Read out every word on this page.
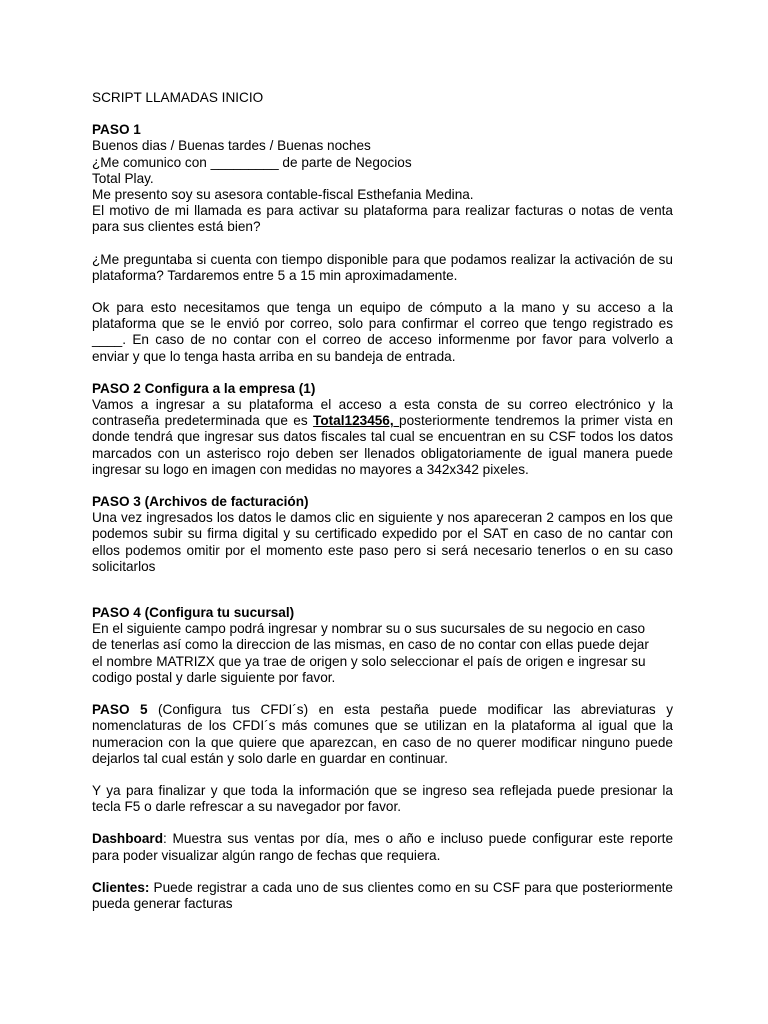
SCRIPT LLAMADAS INICIO
PASO 1
Buenos dias / Buenas tardes / Buenas noches
¿Me comunico con _________ de parte de Negocios
Total Play.
Me presento soy su asesora contable-fiscal Esthefania Medina.
El motivo de mi llamada es para activar su plataforma para realizar facturas o notas de venta para sus clientes está bien?
¿Me preguntaba si cuenta con tiempo disponible para que podamos realizar la activación de su plataforma? Tardaremos entre 5 a 15 min aproximadamente.
Ok para esto necesitamos que tenga un equipo de cómputo a la mano y su acceso a la plataforma que se le envió por correo, solo para confirmar el correo que tengo registrado es ____. En caso de no contar con el correo de acceso informenme por favor para volverlo a enviar y que lo tenga hasta arriba en su bandeja de entrada.
PASO 2 Configura a la empresa (1)
Vamos a ingresar a su plataforma el acceso a esta consta de su correo electrónico y la contraseña predeterminada que es Total123456, posteriormente tendremos la primer vista en donde tendrá que ingresar sus datos fiscales tal cual se encuentran en su CSF todos los datos marcados con un asterisco rojo deben ser llenados obligatoriamente de igual manera puede ingresar su logo en imagen con medidas no mayores a 342x342 pixeles.
PASO 3 (Archivos de facturación)
Una vez ingresados los datos le damos clic en siguiente y nos apareceran 2 campos en los que podemos subir su firma digital y su certificado expedido por el SAT en caso de no cantar con ellos podemos omitir por el momento este paso pero si será necesario tenerlos o en su caso solicitarlos
PASO 4 (Configura tu sucursal)
En el siguiente campo podrá ingresar y nombrar su o sus sucursales de su negocio en caso
de tenerlas así como la direccion de las mismas, en caso de no contar con ellas puede dejar
el nombre MATRIZX que ya trae de origen y solo seleccionar el país de origen e ingresar su
codigo postal y darle siguiente por favor.
PASO 5 (Configura tus CFDI´s) en esta pestaña puede modificar las abreviaturas y nomenclaturas de los CFDI´s más comunes que se utilizan en la plataforma al igual que la numeracion con la que quiere que aparezcan, en caso de no querer modificar ninguno puede dejarlos tal cual están y solo darle en guardar en continuar.
Y ya para finalizar y que toda la información que se ingreso sea reflejada puede presionar la tecla F5 o darle refrescar a su navegador por favor.
Dashboard: Muestra sus ventas por día, mes o año e incluso puede configurar este reporte para poder visualizar algún rango de fechas que requiera.
Clientes: Puede registrar a cada uno de sus clientes como en su CSF para que posteriormente pueda generar facturas
